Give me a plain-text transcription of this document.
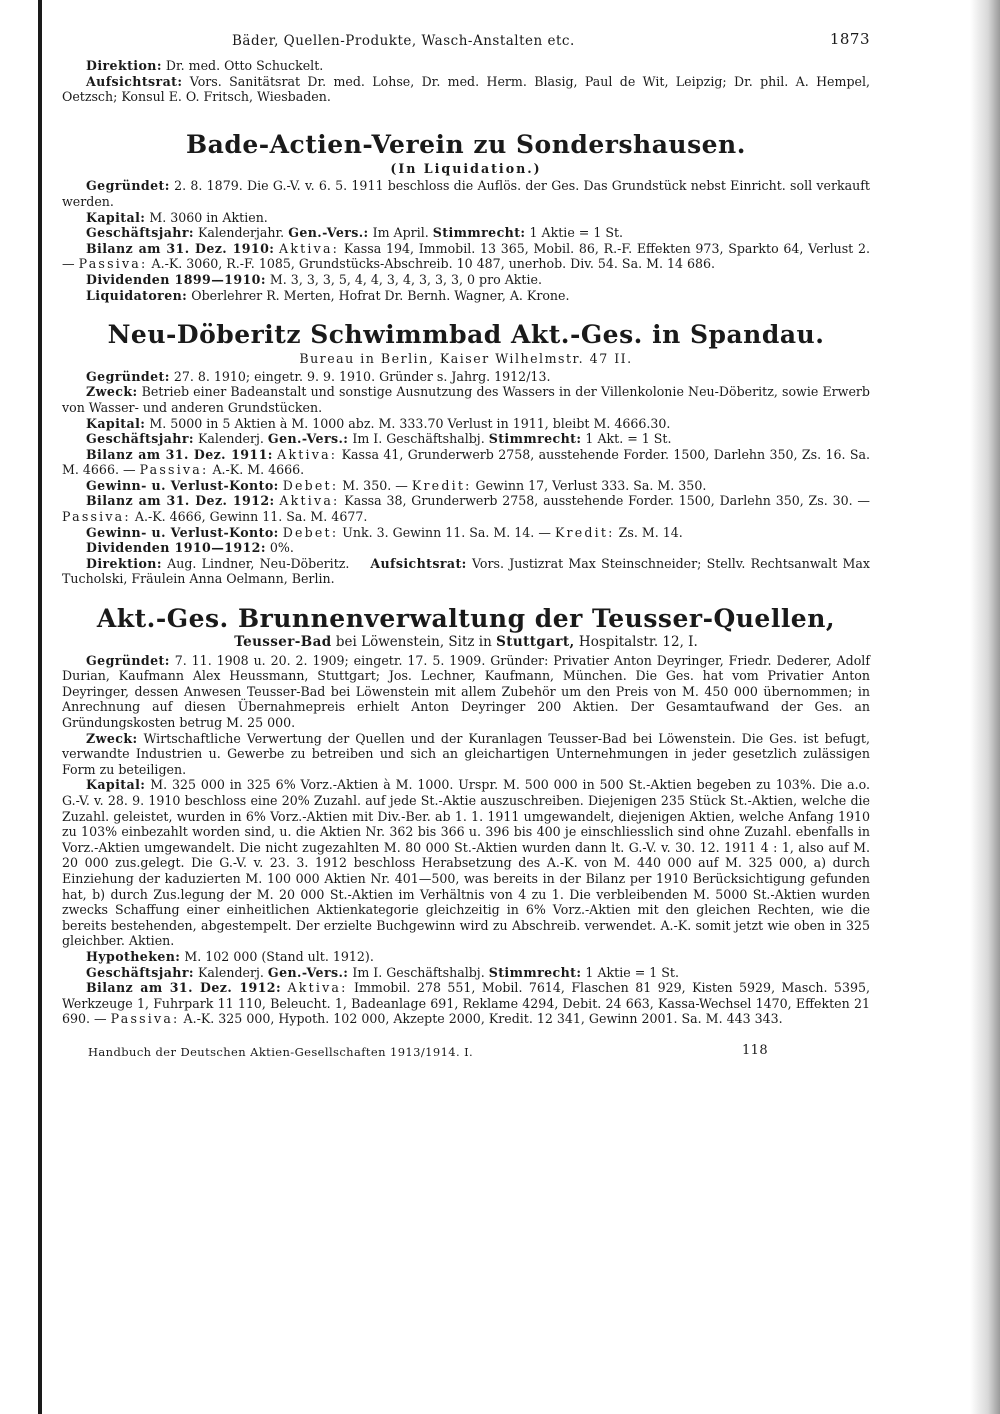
Bäder, Quellen-Produkte, Wasch-Anstalten etc.	1873

Direktion: Dr. med. Otto Schuckelt.

Aufsichtsrat: Vors. Sanitätsrat Dr. med. Lohse, Dr. med. Herm. Blasig, Paul de Wit, Leipzig; Dr. phil. A. Hempel, Oetzsch; Konsul E. O. Fritsch, Wiesbaden.

Bade-Actien-Verein zu Sondershausen.
(In Liquidation.)

Gegründet: 2. 8. 1879. Die G.-V. v. 6. 5. 1911 beschloss die Auflös. der Ges. Das Grundstück nebst Einricht. soll verkauft werden.

Kapital: M. 3060 in Aktien.

Geschäftsjahr: Kalenderjahr. Gen.-Vers.: Im April. Stimmrecht: 1 Aktie = 1 St.

Bilanz am 31. Dez. 1910: Aktiva: Kassa 194, Immobil. 13 365, Mobil. 86, R.-F. Effekten 973, Sparkto 64, Verlust 2. — Passiva: A.-K. 3060, R.-F. 1085, Grundstücks-Abschreib. 10 487, unerhob. Div. 54. Sa. M. 14 686.

Dividenden 1899—1910: M. 3, 3, 3, 5, 4, 4, 3, 4, 3, 3, 3, 0 pro Aktie.

Liquidatoren: Oberlehrer R. Merten, Hofrat Dr. Bernh. Wagner, A. Krone.

Neu-Döberitz Schwimmbad Akt.-Ges. in Spandau.
Bureau in Berlin, Kaiser Wilhelmstr. 47 II.

Gegründet: 27. 8. 1910; eingetr. 9. 9. 1910. Gründer s. Jahrg. 1912/13.

Zweck: Betrieb einer Badeanstalt und sonstige Ausnutzung des Wassers in der Villenkolonie Neu-Döberitz, sowie Erwerb von Wasser- und anderen Grundstücken.

Kapital: M. 5000 in 5 Aktien à M. 1000 abz. M. 333.70 Verlust in 1911, bleibt M. 4666.30.

Geschäftsjahr: Kalenderj. Gen.-Vers.: Im I. Geschäftshalbj. Stimmrecht: 1 Akt. = 1 St.

Bilanz am 31. Dez. 1911: Aktiva: Kassa 41, Grunderwerb 2758, ausstehende Forder. 1500, Darlehn 350, Zs. 16. Sa. M. 4666. — Passiva: A.-K. M. 4666.

Gewinn- u. Verlust-Konto: Debet: M. 350. — Kredit: Gewinn 17, Verlust 333. Sa. M. 350.

Bilanz am 31. Dez. 1912: Aktiva: Kassa 38, Grunderwerb 2758, ausstehende Forder. 1500, Darlehn 350, Zs. 30. — Passiva: A.-K. 4666, Gewinn 11. Sa. M. 4677.

Gewinn- u. Verlust-Konto: Debet: Unk. 3. Gewinn 11. Sa. M. 14. — Kredit: Zs. M. 14.

Dividenden 1910—1912: 0%.

Direktion: Aug. Lindner, Neu-Döberitz. Aufsichtsrat: Vors. Justizrat Max Steinschneider; Stellv. Rechtsanwalt Max Tucholski, Fräulein Anna Oelmann, Berlin.

Akt.-Ges. Brunnenverwaltung der Teusser-Quellen,
Teusser-Bad bei Löwenstein, Sitz in Stuttgart, Hospitalstr. 12, I.

Gegründet: 7. 11. 1908 u. 20. 2. 1909; eingetr. 17. 5. 1909. Gründer: Privatier Anton Deyringer, Friedr. Dederer, Adolf Durian, Kaufmann Alex Heussmann, Stuttgart; Jos. Lechner, Kaufmann, München. Die Ges. hat vom Privatier Anton Deyringer, dessen Anwesen Teusser-Bad bei Löwenstein mit allem Zubehör um den Preis von M. 450 000 übernommen; in Anrechnung auf diesen Übernahmepreis erhielt Anton Deyringer 200 Aktien. Der Gesamtaufwand der Ges. an Gründungskosten betrug M. 25 000.

Zweck: Wirtschaftliche Verwertung der Quellen und der Kuranlagen Teusser-Bad bei Löwenstein. Die Ges. ist befugt, verwandte Industrien u. Gewerbe zu betreiben und sich an gleichartigen Unternehmungen in jeder gesetzlich zulässigen Form zu beteiligen.

Kapital: M. 325 000 in 325 6% Vorz.-Aktien à M. 1000. Urspr. M. 500 000 in 500 St.-Aktien begeben zu 103%. Die a.o. G.-V. v. 28. 9. 1910 beschloss eine 20% Zuzahl. auf jede St.-Aktie auszuschreiben. Diejenigen 235 Stück St.-Aktien, welche die Zuzahl. geleistet, wurden in 6% Vorz.-Aktien mit Div.-Ber. ab 1. 1. 1911 umgewandelt, diejenigen Aktien, welche Anfang 1910 zu 103% einbezahlt worden sind, u. die Aktien Nr. 362 bis 366 u. 396 bis 400 je einschliesslich sind ohne Zuzahl. ebenfalls in Vorz.-Aktien umgewandelt. Die nicht zugezahlten M. 80 000 St.-Aktien wurden dann lt. G.-V. v. 30. 12. 1911 4 : 1, also auf M. 20 000 zus.gelegt. Die G.-V. v. 23. 3. 1912 beschloss Herabsetzung des A.-K. von M. 440 000 auf M. 325 000, a) durch Einziehung der kaduzierten M. 100 000 Aktien Nr. 401—500, was bereits in der Bilanz per 1910 Berücksichtigung gefunden hat, b) durch Zus.legung der M. 20 000 St.-Aktien im Verhältnis von 4 zu 1. Die verbleibenden M. 5000 St.-Aktien wurden zwecks Schaffung einer einheitlichen Aktienkategorie gleichzeitig in 6% Vorz.-Aktien mit den gleichen Rechten, wie die bereits bestehenden, abgestempelt. Der erzielte Buchgewinn wird zu Abschreib. verwendet. A.-K. somit jetzt wie oben in 325 gleichber. Aktien.

Hypotheken: M. 102 000 (Stand ult. 1912).

Geschäftsjahr: Kalenderj. Gen.-Vers.: Im I. Geschäftshalbj. Stimmrecht: 1 Aktie = 1 St.

Bilanz am 31. Dez. 1912: Aktiva: Immobil. 278 551, Mobil. 7614, Flaschen 81 929, Kisten 5929, Masch. 5395, Werkzeuge 1, Fuhrpark 11 110, Beleucht. 1, Badeanlage 691, Reklame 4294, Debit. 24 663, Kassa-Wechsel 1470, Effekten 21 690. — Passiva: A.-K. 325 000, Hypoth. 102 000, Akzepte 2000, Kredit. 12 341, Gewinn 2001. Sa. M. 443 343.

Handbuch der Deutschen Aktien-Gesellschaften 1913/1914. I.	118
